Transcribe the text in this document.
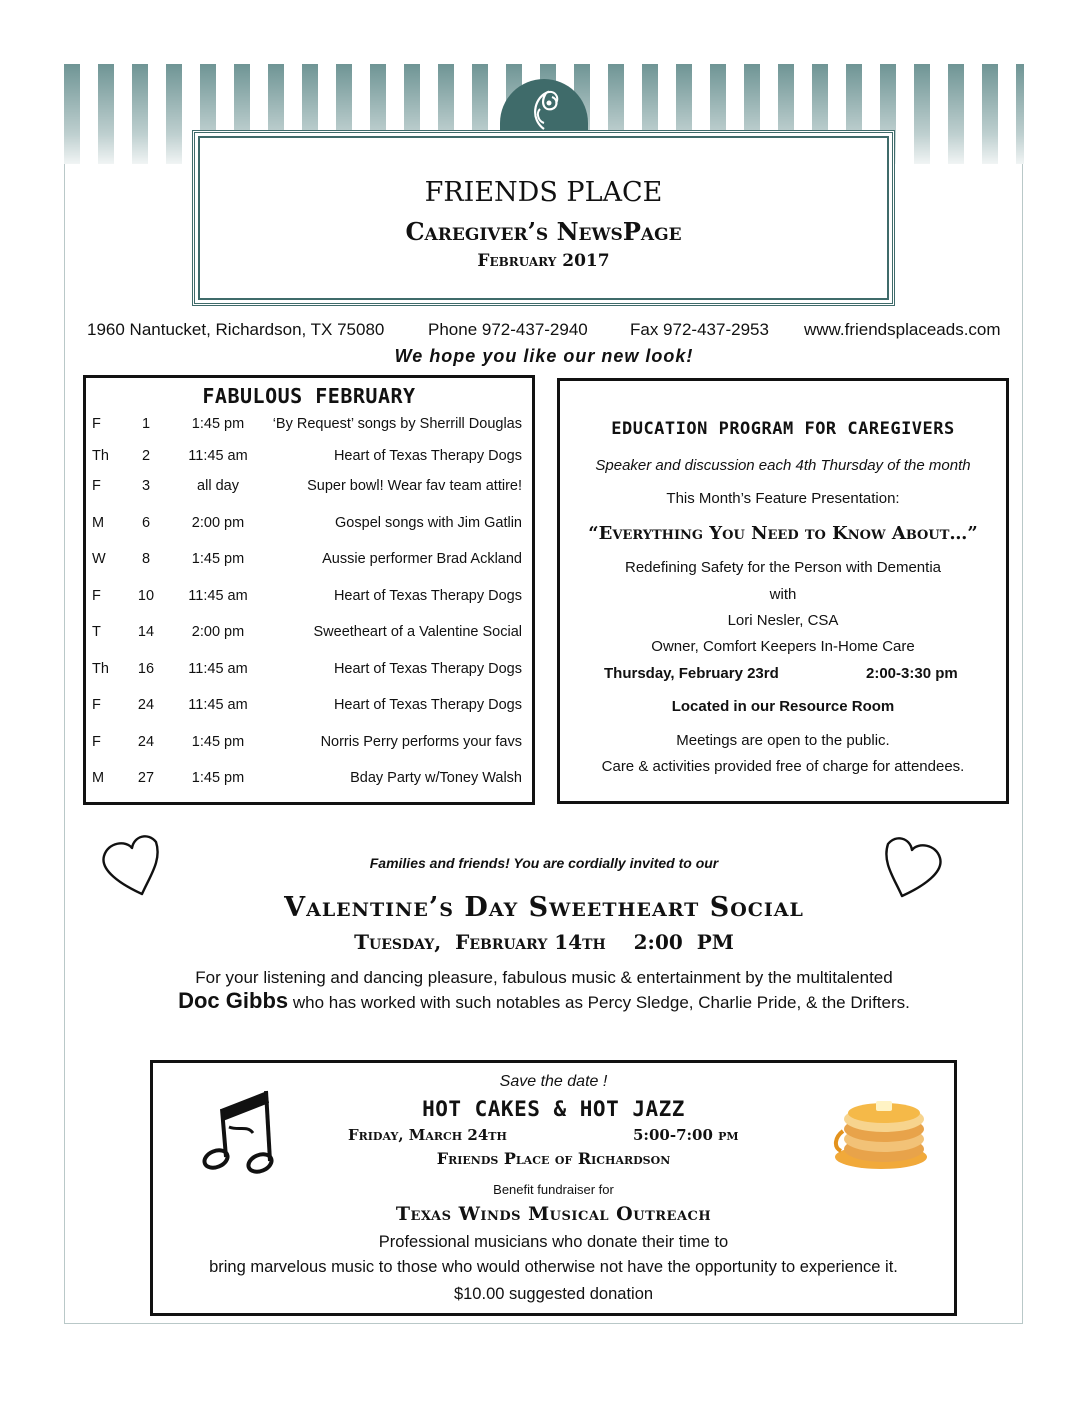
FRIENDS PLACE
Caregiver’s NewsPage
February 2017
1960 Nantucket, Richardson, TX 75080	Phone 972-437-2940 Fax 972-437-2953 www.friendsplaceads.com
We hope you like our new look!
FABULOUS FEBRUARY
F	1	1:45 pm	‘By Request’ songs by Sherrill Douglas
Th	2	11:45 am	Heart of Texas Therapy Dogs
F	3	all day	Super bowl! Wear fav team attire!
M	6	2:00 pm	Gospel songs with Jim Gatlin
W	8	1:45 pm	Aussie performer Brad Ackland
F	10	11:45 am	Heart of Texas Therapy Dogs
T	14	2:00 pm	Sweetheart of a Valentine Social
Th	16	11:45 am	Heart of Texas Therapy Dogs
F	24	11:45 am	Heart of Texas Therapy Dogs
F	24	1:45 pm	Norris Perry performs your favs
M	27	1:45 pm	Bday Party w/Toney Walsh
EDUCATION PROGRAM FOR CAREGIVERS
Speaker and discussion each 4th Thursday of the month
This Month’s Feature Presentation:
“Everything You Need to Know About…”
Redefining Safety for the Person with Dementia
with
Lori Nesler, CSA
Owner, Comfort Keepers In-Home Care
Thursday, February 23rd	2:00-3:30 pm
Located in our Resource Room
Meetings are open to the public.
Care & activities provided free of charge for attendees.
Families and friends! You are cordially invited to our
Valentine’s Day Sweetheart Social
Tuesday,  February 14th    2:00  PM
For your listening and dancing pleasure, fabulous music & entertainment by the multitalented
Doc Gibbs who has worked with such notables as Percy Sledge, Charlie Pride, & the Drifters.
Save the date !
HOT CAKES & HOT JAZZ
Friday, March 24th	5:00-7:00 pm
Friends Place of Richardson
Benefit fundraiser for
Texas Winds Musical Outreach
Professional musicians who donate their time to
bring marvelous music to those who would otherwise not have the opportunity to experience it.
$10.00 suggested donation
